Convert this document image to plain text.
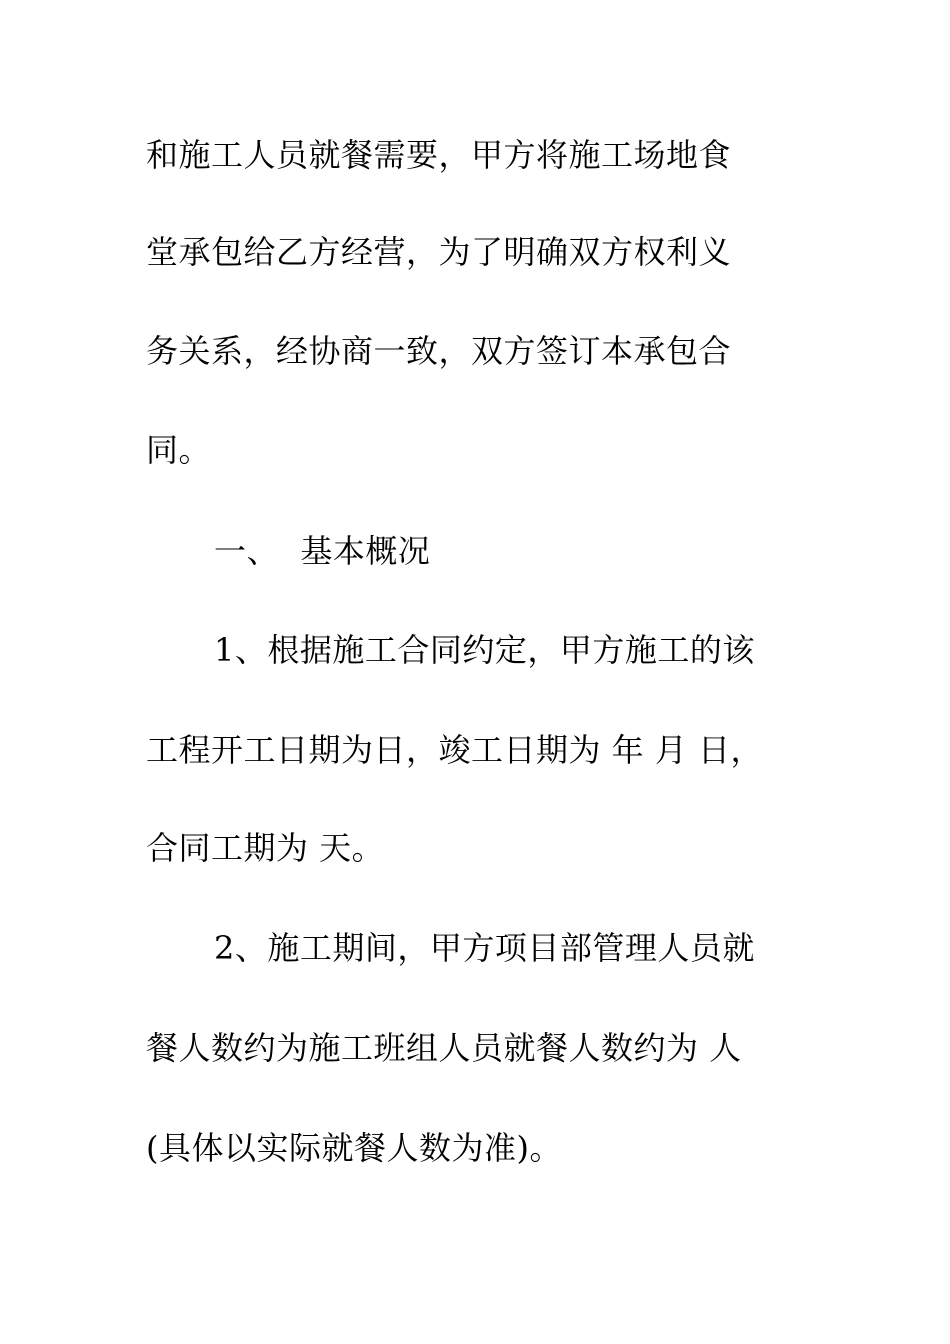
和施工人员就餐需要，甲方将施工场地食
堂承包给乙方经营，为了明确双方权利义
务关系，经协商一致，双方签订本承包合
同。
一、  基本概况
1、根据施工合同约定，甲方施工的该
工程开工日期为日，竣工日期为 年 月 日，
合同工期为 天。
2、施工期间，甲方项目部管理人员就
餐人数约为施工班组人员就餐人数约为 人
(具体以实际就餐人数为准)。
